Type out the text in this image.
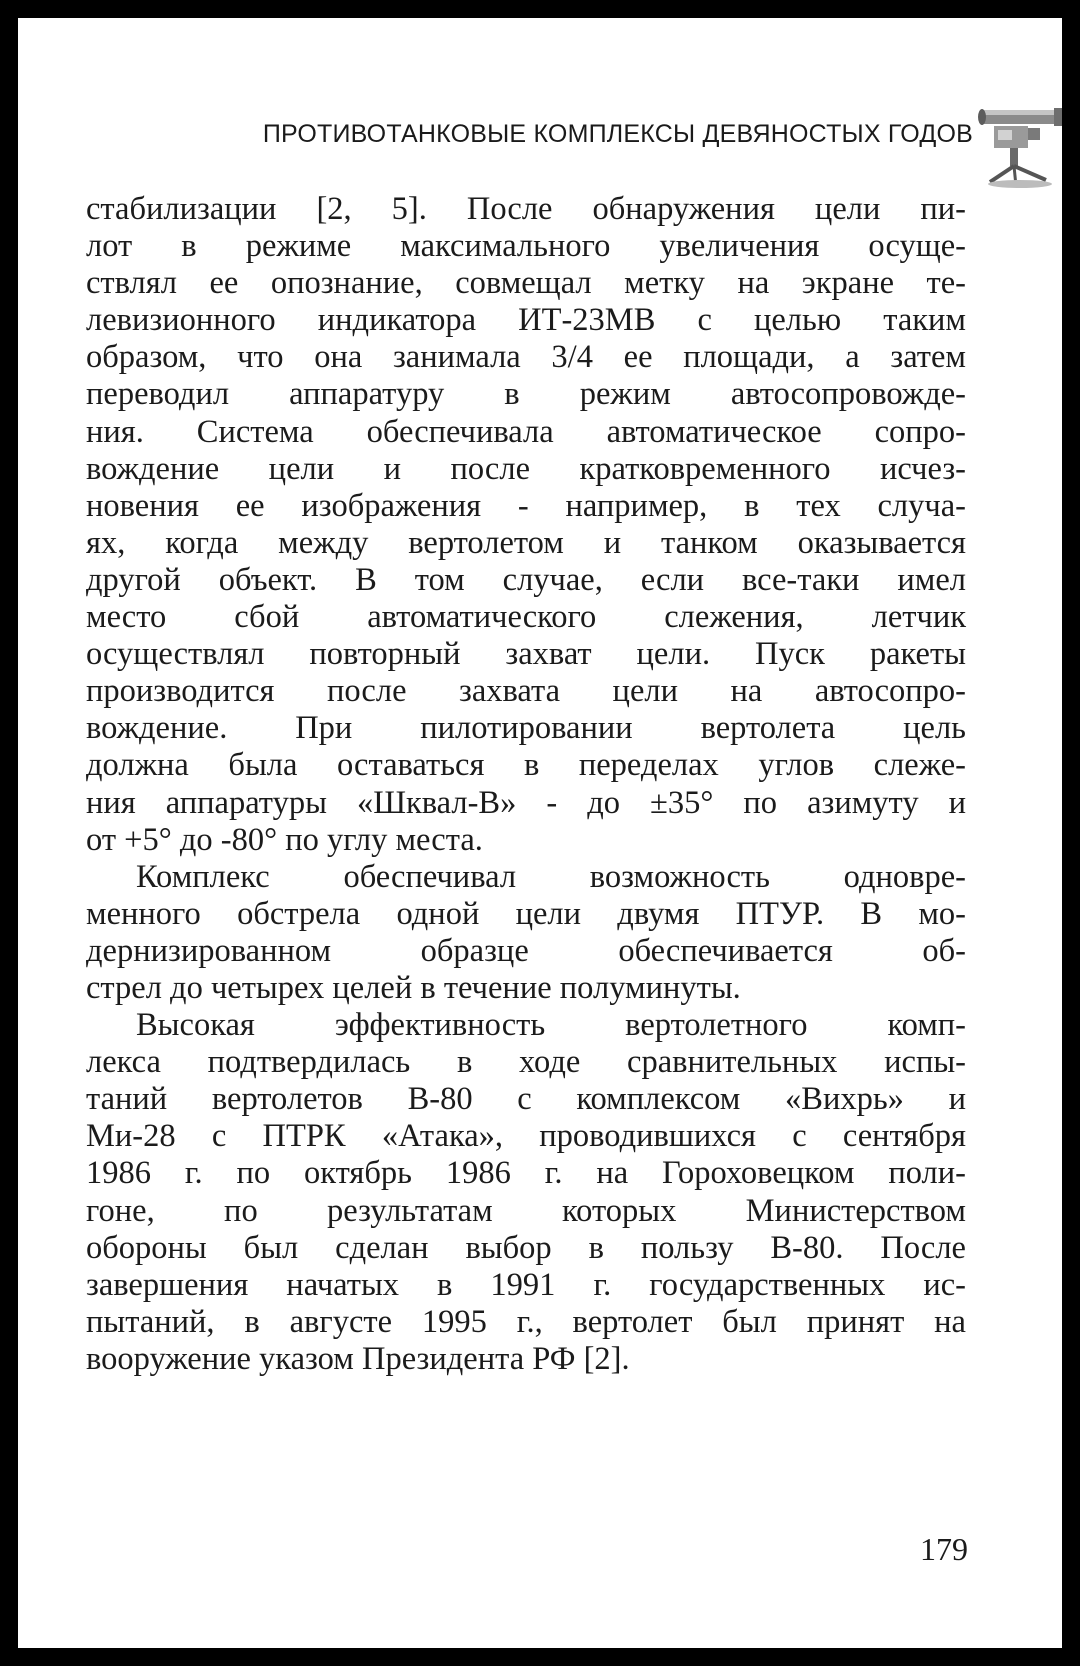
ПРОТИВОТАНКОВЫЕ КОМПЛЕКСЫ ДЕВЯНОСТЫХ ГОДОВ
стабилизации [2, 5]. После обнаружения цели пи-
лот в режиме максимального увеличения осуще-
ствлял ее опознание, совмещал метку на экране те-
левизионного индикатора ИТ-23МВ с целью таким
образом, что она занимала 3/4 ее площади, а затем
переводил аппаратуру в режим автосопровожде-
ния. Система обеспечивала автоматическое сопро-
вождение цели и после кратковременного исчез-
новения ее изображения - например, в тех случа-
ях, когда между вертолетом и танком оказывается
другой объект. В том случае, если все-таки имел
место сбой автоматического слежения, летчик
осуществлял повторный захват цели. Пуск ракеты
производится после захвата цели на автосопро-
вождение. При пилотировании вертолета цель
должна была оставаться в переделах углов слеже-
ния аппаратуры «Шквал-В» - до ±35° по азимуту и
от +5° до -80° по углу места.
Комплекс обеспечивал возможность одновре-
менного обстрела одной цели двумя ПТУР. В мо-
дернизированном образце обеспечивается об-
стрел до четырех целей в течение полуминуты.
Высокая эффективность вертолетного комп-
лекса подтвердилась в ходе сравнительных испы-
таний вертолетов В-80 с комплексом «Вихрь» и
Ми-28 с ПТРК «Атака», проводившихся с сентября
1986 г. по октябрь 1986 г. на Гороховецком поли-
гоне, по результатам которых Министерством
обороны был сделан выбор в пользу В-80. После
завершения начатых в 1991 г. государственных ис-
пытаний, в августе 1995 г., вертолет был принят на
вооружение указом Президента РФ [2].
179
